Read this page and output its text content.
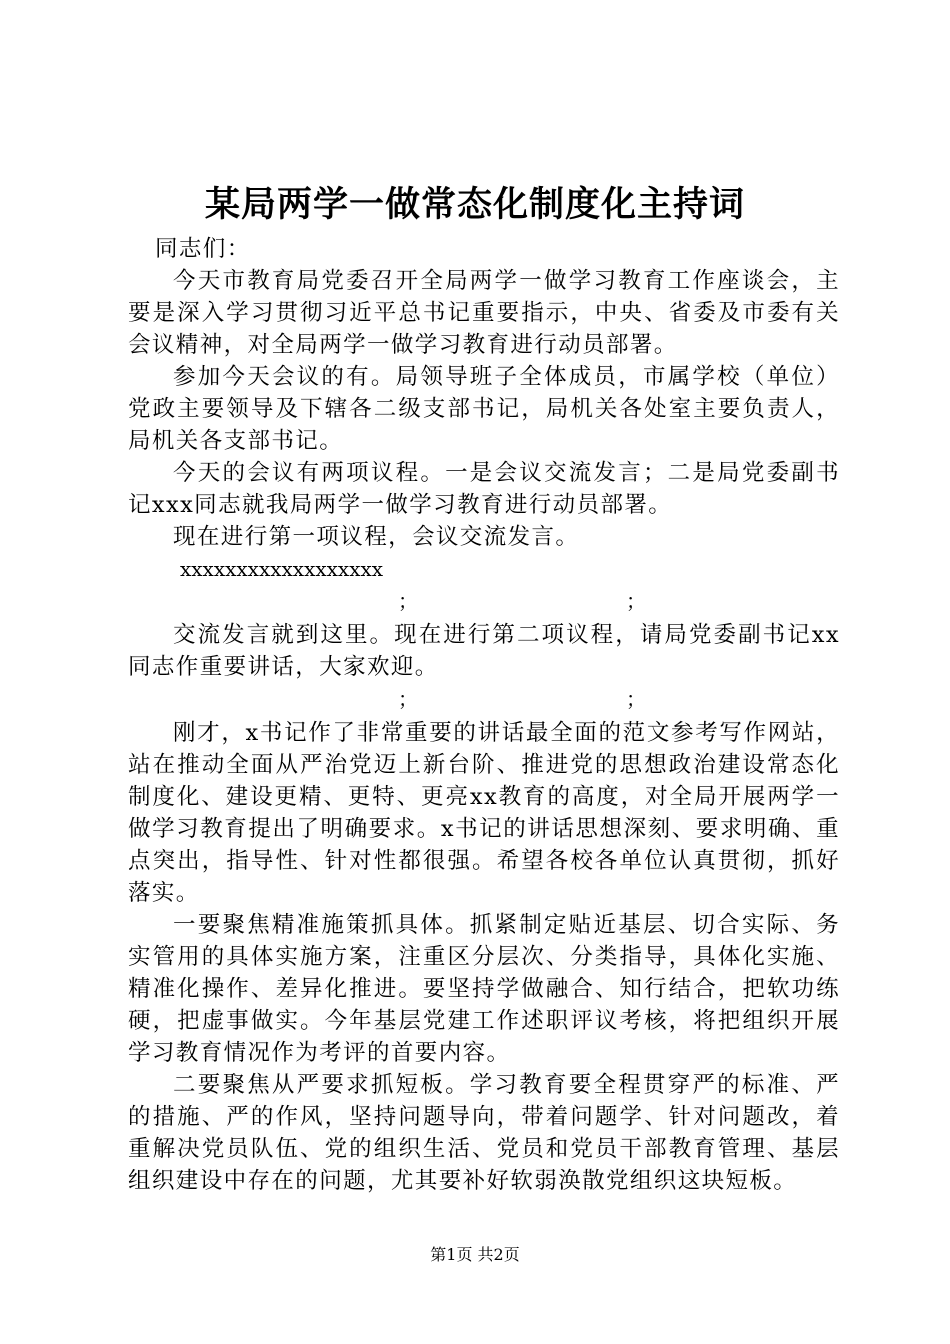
某局两学一做常态化制度化主持词

同志们：

今天市教育局党委召开全局两学一做学习教育工作座谈会，主要是深入学习贯彻习近平总书记重要指示，中央、省委及市委有关会议精神，对全局两学一做学习教育进行动员部署。

参加今天会议的有。局领导班子全体成员，市属学校（单位）党政主要领导及下辖各二级支部书记，局机关各处室主要负责人，局机关各支部书记。

今天的会议有两项议程。一是会议交流发言；二是局党委副书记xxx同志就我局两学一做学习教育进行动员部署。

现在进行第一项议程，会议交流发言。

xxxxxxxxxxxxxxxxxx

；	；

交流发言就到这里。现在进行第二项议程，请局党委副书记xx同志作重要讲话，大家欢迎。

；	；

刚才，x书记作了非常重要的讲话最全面的范文参考写作网站，站在推动全面从严治党迈上新台阶、推进党的思想政治建设常态化制度化、建设更精、更特、更亮xx教育的高度，对全局开展两学一做学习教育提出了明确要求。x书记的讲话思想深刻、要求明确、重点突出，指导性、针对性都很强。希望各校各单位认真贯彻，抓好落实。

一要聚焦精准施策抓具体。抓紧制定贴近基层、切合实际、务实管用的具体实施方案，注重区分层次、分类指导，具体化实施、精准化操作、差异化推进。要坚持学做融合、知行结合，把软功练硬，把虚事做实。今年基层党建工作述职评议考核，将把组织开展学习教育情况作为考评的首要内容。

二要聚焦从严要求抓短板。学习教育要全程贯穿严的标准、严的措施、严的作风，坚持问题导向，带着问题学、针对问题改，着重解决党员队伍、党的组织生活、党员和党员干部教育管理、基层组织建设中存在的问题，尤其要补好软弱涣散党组织这块短板。

第1页 共2页
